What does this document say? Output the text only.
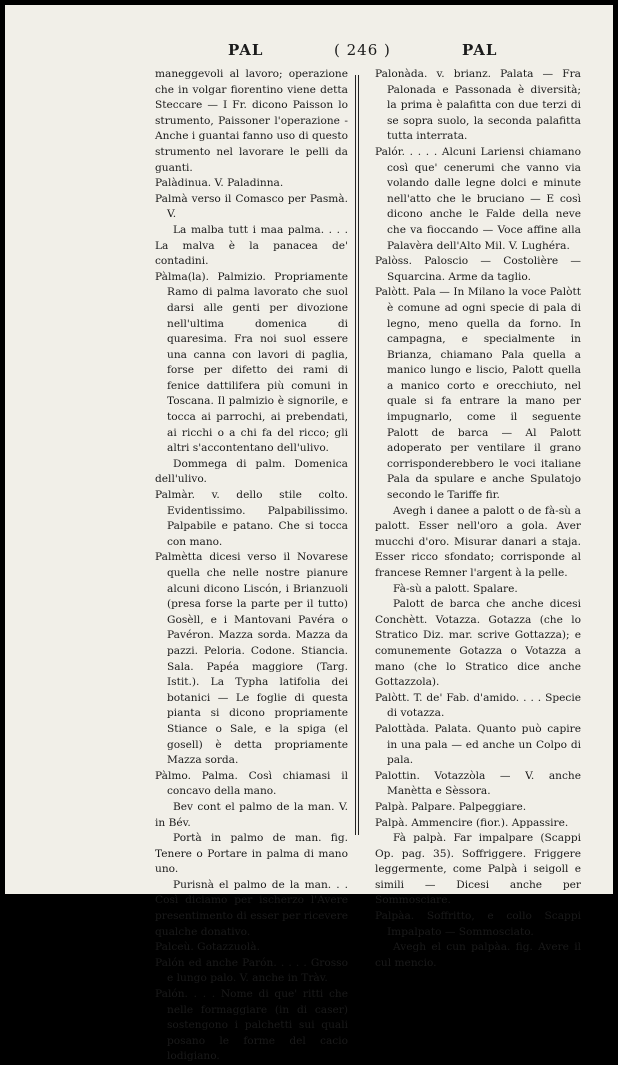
PAL	( 246 )	PAL

maneggevoli al lavoro; operazione che in volgar fiorentino viene detta Steccare — I Fr. dicono Paisson lo strumento, Paissoner l'operazione - Anche i guantai fanno uso di questo strumento nel lavorare le pelli da guanti.

Palàdinua. V. Paladinna.

Palmà verso il Comasco per Pasmà. V.

La malba tutt i maa palma. . . . La malva è la panacea de' contadini.

Pàlma(la). Palmizio. Propriamente Ramo di palma lavorato che suol darsi alle genti per divozione nell'ultima domenica di quaresima. Fra noi suol essere una canna con lavori di paglia, forse per difetto dei rami di fenice dattilifera più comuni in Toscana. Il palmizio è signorile, e tocca ai parrochi, ai prebendati, ai ricchi o a chi fa del ricco; gli altri s'accontentano dell'ulivo.

Dommega di palm. Domenica dell'ulivo.

Palmàr. v. dello stile colto. Evidentissimo. Palpabilissimo. Palpabile e patano. Che si tocca con mano.

Palmètta dicesi verso il Novarese quella che nelle nostre pianure alcuni dicono Liscón, i Brianzuoli (presa forse la parte per il tutto) Gosèll, e i Mantovani Pavéra o Pavéron. Mazza sorda. Mazza da pazzi. Peloria. Codone. Stiancia. Sala. Papéa maggiore (Targ. Istit.). La Typha latifolia dei botanici — Le foglie di questa pianta si dicono propriamente Stiance o Sale, e la spiga (el gosell) è detta propriamente Mazza sorda.

Pàlmo. Palma. Così chiamasi il concavo della mano.

Bev cont el palmo de la man. V. in Bév.

Portà in palmo de man. fig. Tenere o Portare in palma di mano uno.

Purisnà el palmo de la man. . . Così diciamo per ischerzo l'Avere presentimento di esser per ricevere qualche donativo.

Palceù. Gotazzuolà.

Palón ed anche Parón. . . . . Grosso e lungo palo. V. anche in Tràv.

Palón. . . . Nome di que' ritti che nelle formaggiare (in di caser) sostengono i palchetti sui quali posano le forme del cacio lodigiano.

Palonàda. v. brianz. Palata — Fra Palonada e Passonada è diversità; la prima è palafitta con due terzi di se sopra suolo, la seconda palafitta tutta interrata.

Palór. . . . . Alcuni Lariensi chiamano così que' cenerumi che vanno via volando dalle legne dolci e minute nell'atto che le bruciano — E così dicono anche le Falde della neve che va fioccando — Voce affine alla Palavèra dell'Alto Mil. V. Lughéra.

Palòss. Paloscio — Costolière — Squarcina. Arme da taglio.

Palòtt. Pala — In Milano la voce Palòtt è comune ad ogni specie di pala di legno, meno quella da forno. In campagna, e specialmente in Brianza, chiamano Pala quella a manico lungo e liscio, Palott quella a manico corto e orecchiuto, nel quale si fa entrare la mano per impugnarlo, come il seguente Palott de barca — Al Palott adoperato per ventilare il grano corrisponderebbero le voci italiane Pala da spulare e anche Spulatojo secondo le Tariffe fir.

Avegh i danee a palott o de fà-sù a palott. Esser nell'oro a gola. Aver mucchi d'oro. Misurar danari a staja. Esser ricco sfondato; corrisponde al francese Remner l'argent à la pelle.

Fà-sù a palott. Spalare.

Palott de barca che anche dicesi Conchètt. Votazza. Gotazza (che lo Stratico Diz. mar. scrive Gottazza); e comunemente Gotazza o Votazza a mano (che lo Stratico dice anche Gottazzola).

Palòtt. T. de' Fab. d'amido. . . . Specie di votazza.

Palottàda. Palata. Quanto può capire in una pala — ed anche un Colpo di pala.

Palottin. Votazzòla — V. anche Manètta e Sèssora.

Palpà. Palpare. Palpeggiare.

Palpà. Ammencire (fior.). Appassire.

Fà palpà. Far impalpare (Scappi Op. pag. 35). Soffriggere. Friggere leggermente, come Palpà i seigoll e simili — Dicesi anche per Sommosciare.

Palpàa. Soffritto, e collo Scappi Impalpato — Sommosciato.

Avegh el cun palpàa. fig. Avere il cul mencio.
